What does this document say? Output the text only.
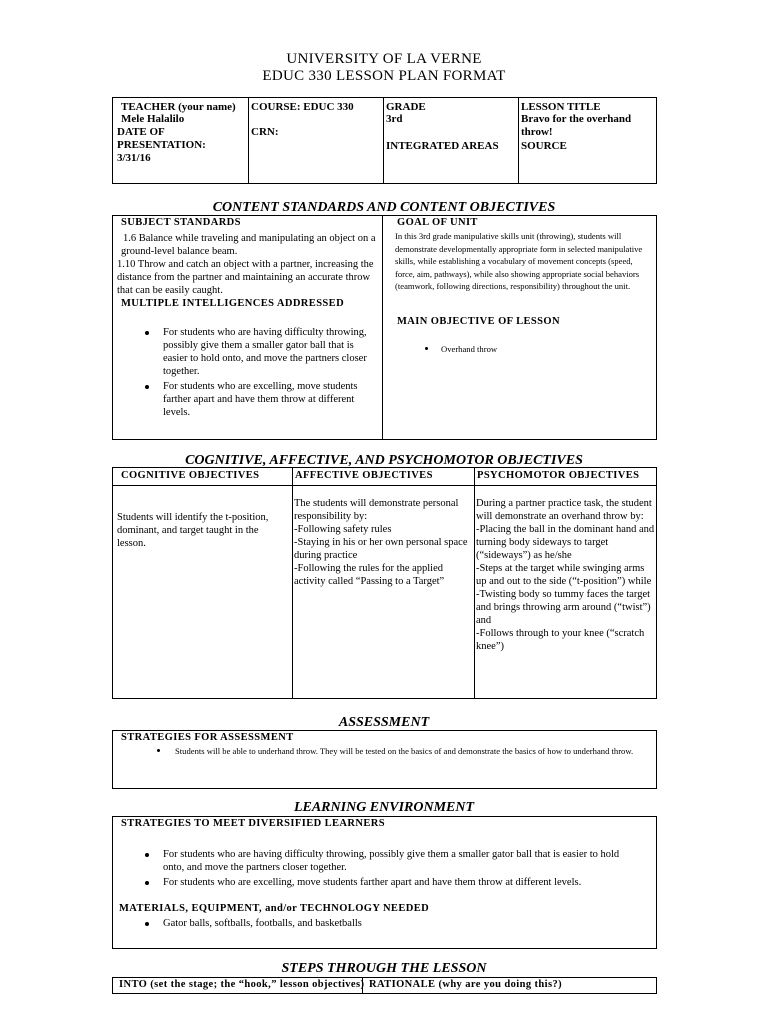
UNIVERSITY OF LA VERNE
EDUC 330 LESSON PLAN FORMAT
TEACHER (your name)
Mele Halalilo
DATE OF PRESENTATION:
3/31/16
COURSE: EDUC 330
CRN:
GRADE
3rd
INTEGRATED AREAS
LESSON TITLE
Bravo for the overhand throw!
SOURCE
CONTENT STANDARDS AND CONTENT OBJECTIVES
SUBJECT STANDARDS
1.6 Balance while traveling and manipulating an object on a ground-level balance beam.
1.10 Throw and catch an object with a partner, increasing the distance from the partner and maintaining an accurate throw that can be easily caught.
MULTIPLE INTELLIGENCES ADDRESSED
For students who are having difficulty throwing, possibly give them a smaller gator ball that is easier to hold onto, and move the partners closer together.
For students who are excelling, move students farther apart and have them throw at different levels.
GOAL OF UNIT
In this 3rd grade manipulative skills unit (throwing), students will demonstrate developmentally appropriate form in selected manipulative skills, while establishing a vocabulary of movement concepts (speed, force, aim, pathways), while also showing appropriate social behaviors (teamwork, following directions, responsibility) throughout the unit.
MAIN OBJECTIVE OF LESSON
Overhand throw
COGNITIVE, AFFECTIVE, AND PSYCHOMOTOR OBJECTIVES
COGNITIVE OBJECTIVES
Students will identify the t-position, dominant, and target taught in the lesson.
AFFECTIVE OBJECTIVES
The students will demonstrate personal responsibility by:
-Following safety rules
-Staying in his or her own personal space during practice
-Following the rules for the applied activity called “Passing to a Target”
PSYCHOMOTOR OBJECTIVES
During a partner practice task, the student will demonstrate an overhand throw by:
-Placing the ball in the dominant hand and turning body sideways to target (“sideways”) as he/she
-Steps at the target while swinging arms up and out to the side (“t-position”) while
-Twisting body so tummy faces the target and brings throwing arm around (“twist”) and
-Follows through to your knee (“scratch knee”)
ASSESSMENT
STRATEGIES FOR ASSESSMENT
Students will be able to underhand throw. They will be tested on the basics of and demonstrate the basics of how to underhand throw.
LEARNING ENVIRONMENT
STRATEGIES TO MEET DIVERSIFIED LEARNERS
For students who are having difficulty throwing, possibly give them a smaller gator ball that is easier to hold onto, and move the partners closer together.
For students who are excelling, move students farther apart and have them throw at different levels.
MATERIALS, EQUIPMENT, and/or TECHNOLOGY NEEDED
Gator balls, softballs, footballs, and basketballs
STEPS THROUGH THE LESSON
INTO (set the stage; the “hook,” lesson objectives) RATIONALE (why are you doing this?)
